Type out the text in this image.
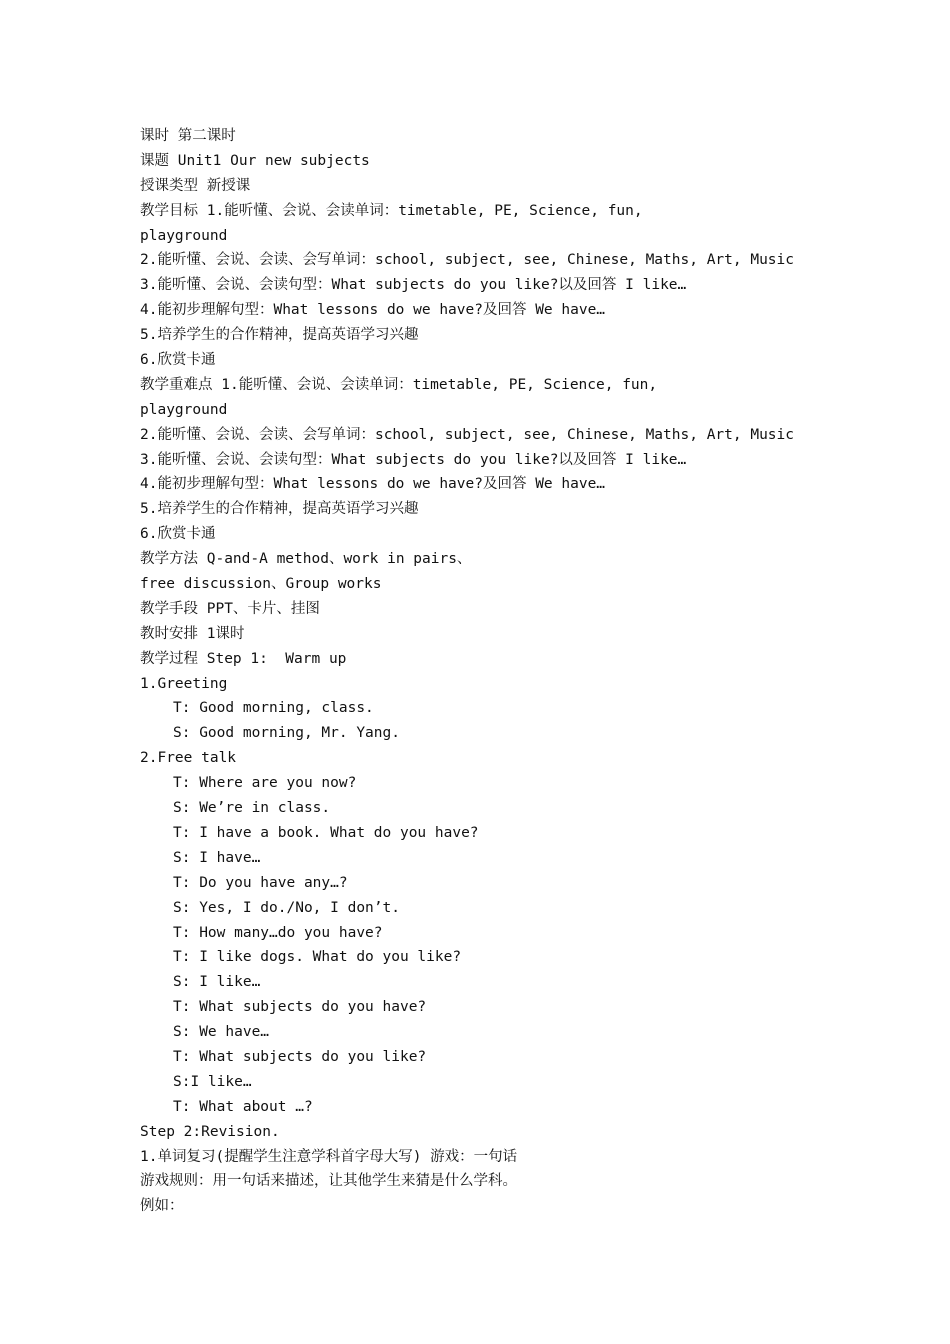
课时 第二课时
课题 Unit1 Our new subjects
授课类型 新授课
教学目标 1.能听懂、会说、会读单词：timetable, PE, Science, fun,
playground
2.能听懂、会说、会读、会写单词：school, subject, see, Chinese, Maths, Art, Music
3.能听懂、会说、会读句型：What subjects do you like?以及回答 I like…
4.能初步理解句型：What lessons do we have?及回答 We have…
5.培养学生的合作精神，提高英语学习兴趣
6.欣赏卡通
教学重难点 1.能听懂、会说、会读单词：timetable, PE, Science, fun,
playground
2.能听懂、会说、会读、会写单词：school, subject, see, Chinese, Maths, Art, Music
3.能听懂、会说、会读句型：What subjects do you like?以及回答 I like…
4.能初步理解句型：What lessons do we have?及回答 We have…
5.培养学生的合作精神，提高英语学习兴趣
6.欣赏卡通
教学方法 Q-and-A method、work in pairs、
free discussion、Group works
教学手段 PPT、卡片、挂图
教时安排 1课时
教学过程 Step 1:  Warm up
1.Greeting
T: Good morning, class.
S: Good morning, Mr. Yang.
2.Free talk
T: Where are you now?
S: We’re in class.
T: I have a book. What do you have?
S: I have…
T: Do you have any…?
S: Yes, I do./No, I don’t.
T: How many…do you have?
T: I like dogs. What do you like?
S: I like…
T: What subjects do you have?
S: We have…
T: What subjects do you like?
S:I like…
T: What about …?
Step 2:Revision.
1.单词复习(提醒学生注意学科首字母大写) 游戏：一句话
游戏规则：用一句话来描述，让其他学生来猜是什么学科。
例如：
